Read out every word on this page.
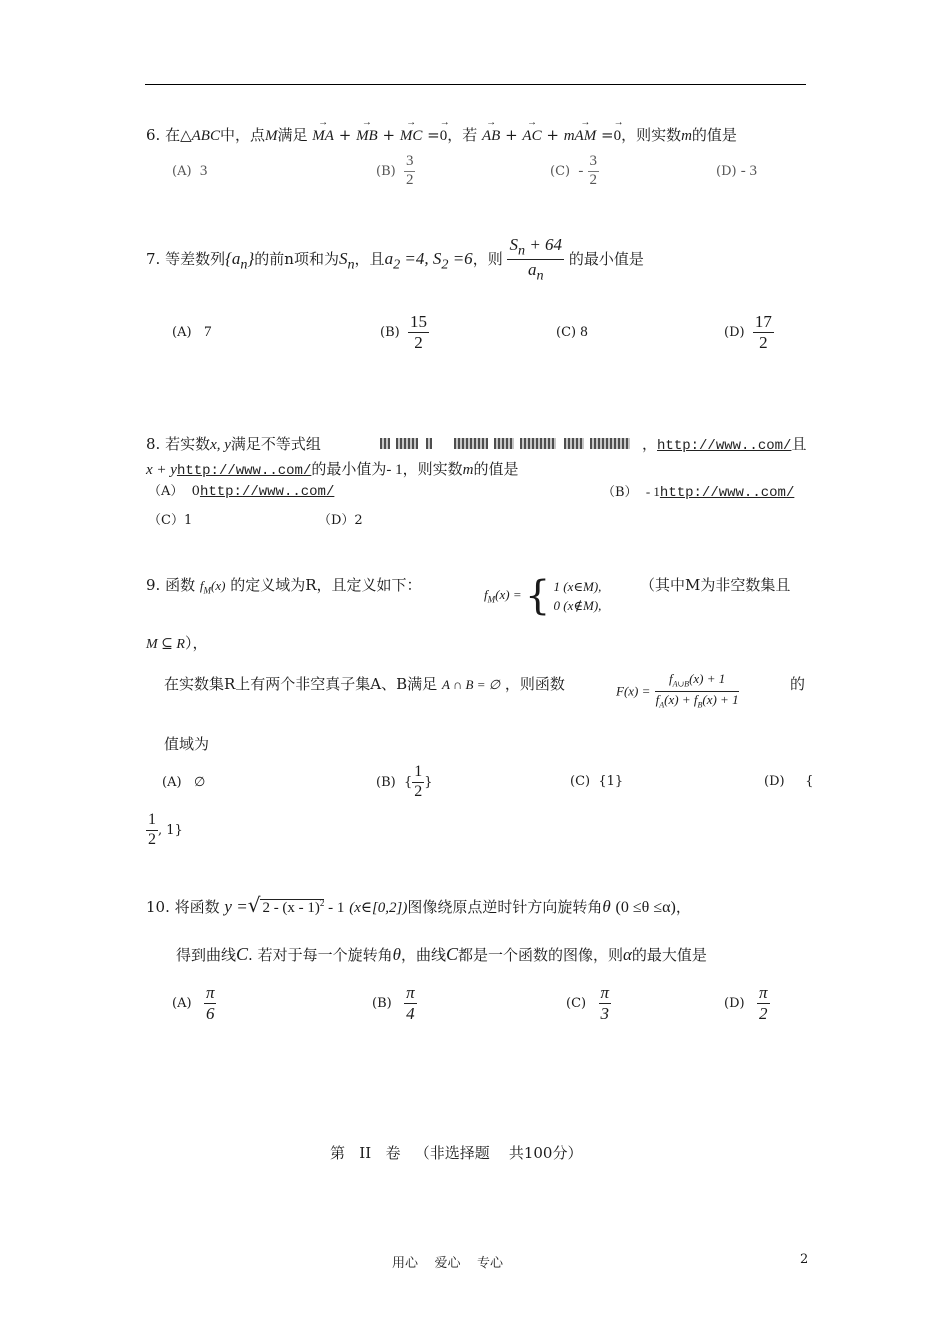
6. 在△ABC中，点M满足 → MA + → MB + → MC =→ 0，若 → AB + → AC + m→ AM =→ 0，则实数m的值是
(A) 3	$(B) \frac{3}{2}$	$(C) - \frac{3}{2}$	(D) - 3
7. 等差数列$\{a_n\}$的前n项和为$S_n$，且$a_2 =4$, $S_2 =6$，则 $\frac{S_n + 64}{a_n}$ 的最小值是
(A) 7	$(B) \frac{15}{2}$	(C) 8	$(D) \frac{17}{2}$
8. 若实数x, y满足不等式组	，http://www..com/且
x + yhttp://www..com/的最小值为- 1，则实数m的值是
（A） 0http://www..com/	（B） - 1http://www..com/
（C）1	（D）2
9. 函数 $f_M(x)$ 的定义域为R，且定义如下：
$f_M(x)$ = { 1 (x∈M),
0 (x∉M),
（其中M为非空数集且
M ⊆ R），
在实数集R上有两个非空真子集A、B满足 A ∩ B = ∅ ，则函数	$F(x) = \frac{f_{A\cup B}(x) + 1}{f_A(x) + f_B(x) + 1}$	的
值域为
(A) ∅	(B) { $\frac{1}{2}$ }	(C) {1}	(D) {
$\frac{1}{2}$ , 1}
10. 将函数 y =√ 2 - (x - 1)$^2$ - 1 (x∈[0,2])图像绕原点逆时针方向旋转角θ (0 ≤θ ≤α)，
得到曲线C. 若对于每一个旋转角θ，曲线C都是一个函数的图像，则α的最大值是
$(A) \frac{\pi}{6}$	$(B) \frac{\pi}{4}$	$(C) \frac{\pi}{3}$	$(D) \frac{\pi}{2}$
第   II   卷   （非选择题    共100分）
用心    爱心    专心	2
